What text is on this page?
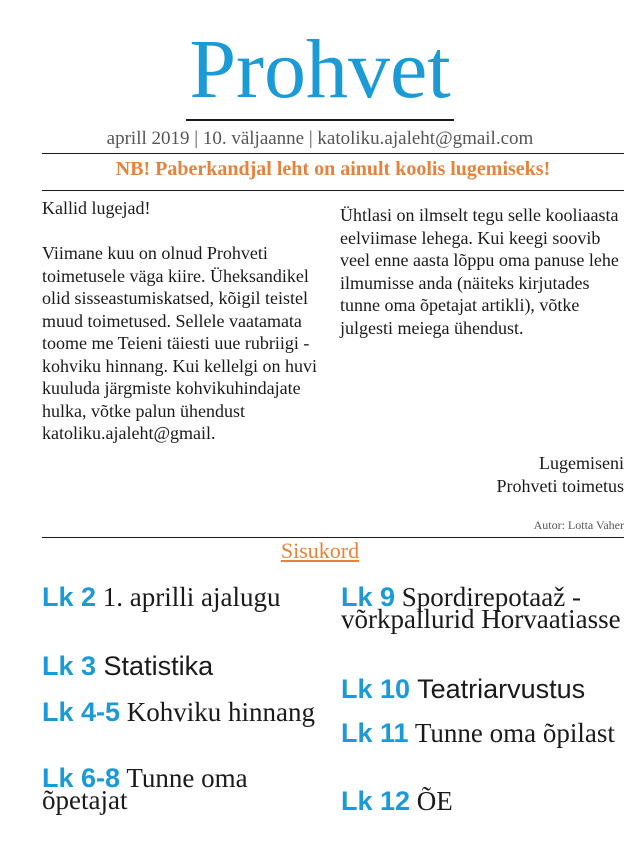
Prohvet
aprill 2019 | 10. väljaanne | katoliku.ajaleht@gmail.com
NB! Paberkandjal leht on ainult koolis lugemiseks!

Kallid lugejad!

Viimane kuu on olnud Prohveti toimetusele väga kiire. Üheksandikel olid sisseastumiskatsed, kõigil teistel muud toimetused. Sellele vaatamata toome me Teieni täiesti uue rubriigi - kohviku hinnang. Kui kellelgi on huvi kuuluda järgmiste kohvikuhindajate hulka, võtke palun ühendust katoliku.ajaleht@gmail.

Ühtlasi on ilmselt tegu selle kooliaasta eelviimase lehega. Kui keegi soovib veel enne aasta lõppu oma panuse lehe ilmumisse anda (näiteks kirjutades tunne oma õpetajat artikli), võtke julgesti meiega ühendust.

Lugemiseni
Prohveti toimetus
Autor: Lotta Vaher
Sisukord
Lk 2 1. aprilli ajalugu
Lk 3 Statistika
Lk 4-5 Kohviku hinnang
Lk 6-8 Tunne oma õpetajat
Lk 9 Spordirepotaaž - võrkpallurid Horvaatiasse
Lk 10 Teatriarvustus
Lk 11 Tunne oma õpilast
Lk 12 ÕE
